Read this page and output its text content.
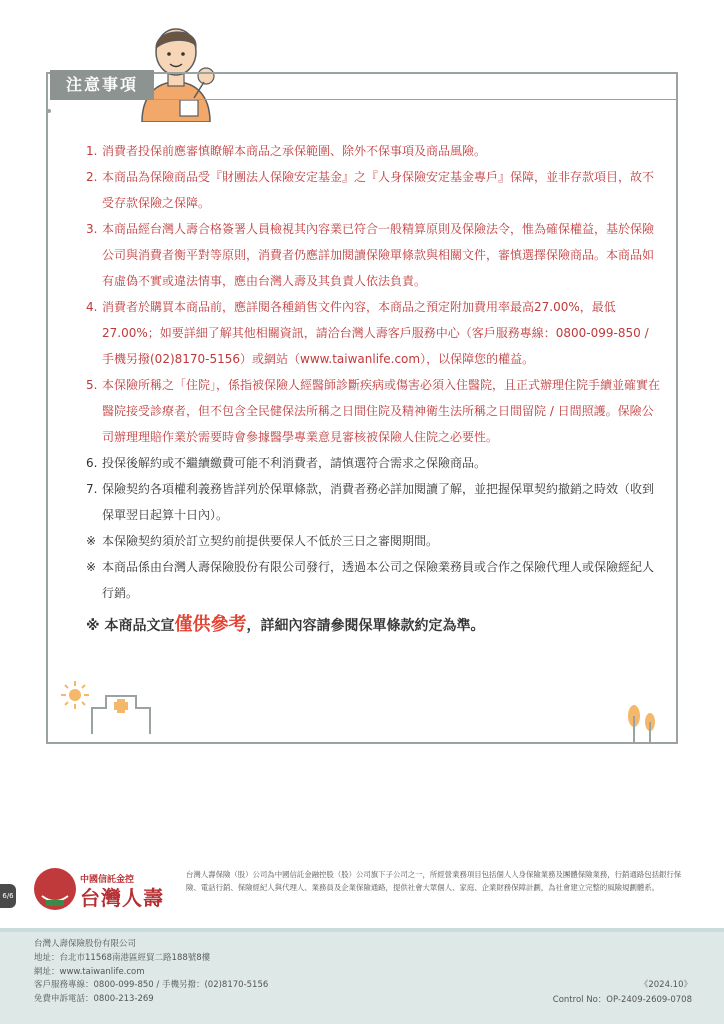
注意事項

1. 消費者投保前應審慎瞭解本商品之承保範圍、除外不保事項及商品風險。

2. 本商品為保險商品受『財團法人保險安定基金』之『人身保險安定基金專戶』保障，並非存款項目，故不受存款保險之保障。

3. 本商品經台灣人壽合格簽署人員檢視其內容業已符合一般精算原則及保險法令，惟為確保權益，基於保險公司與消費者衡平對等原則，消費者仍應詳加閱讀保險單條款與相關文件，審慎選擇保險商品。本商品如有虛偽不實或違法情事，應由台灣人壽及其負責人依法負責。

4. 消費者於購買本商品前，應詳閱各種銷售文件內容，本商品之預定附加費用率最高27.00%，最低27.00%；如要詳細了解其他相關資訊，請洽台灣人壽客戶服務中心（客戶服務專線：0800-099-850 / 手機另撥(02)8170-5156）或網站（www.taiwanlife.com），以保障您的權益。

5. 本保險所稱之「住院」，係指被保險人經醫師診斷疾病或傷害必須入住醫院，且正式辦理住院手續並確實在醫院接受診療者，但不包含全民健保法所稱之日間住院及精神衛生法所稱之日間留院 / 日間照護。保險公司辦理理賠作業於需要時會參據醫學專業意見審核被保險人住院之必要性。

6. 投保後解約或不繼續繳費可能不利消費者，請慎選符合需求之保險商品。

7. 保險契約各項權利義務皆詳列於保單條款，消費者務必詳加閱讀了解，並把握保單契約撤銷之時效（收到保單翌日起算十日內）。

※ 本保險契約須於訂立契約前提供要保人不低於三日之審閱期間。

※ 本商品係由台灣人壽保險股份有限公司發行，透過本公司之保險業務員或合作之保險代理人或保險經紀人行銷。

※ 本商品文宣僅供參考，詳細內容請參閱保單條款約定為準。

6/6
中國信託金控
台灣人壽
台灣人壽保險（股）公司為中國信託金融控股（股）公司旗下子公司之一，所經營業務項目包括個人人身保險業務及團體保險業務，行銷通路包括銀行保險、電話行銷、保險經紀人與代理人、業務員及企業保險通路，提供社會大眾個人、家庭、企業財務保障計劃，為社會建立完整的風險規劃體系。
台灣人壽保險股份有限公司
地址：台北市11568南港區經貿二路188號8樓
網址：www.taiwanlife.com
客戶服務專線：0800-099-850 / 手機另撥：(02)8170-5156
免費申訴電話：0800-213-269
《2024.10》
Control No：OP-2409-2609-0708
